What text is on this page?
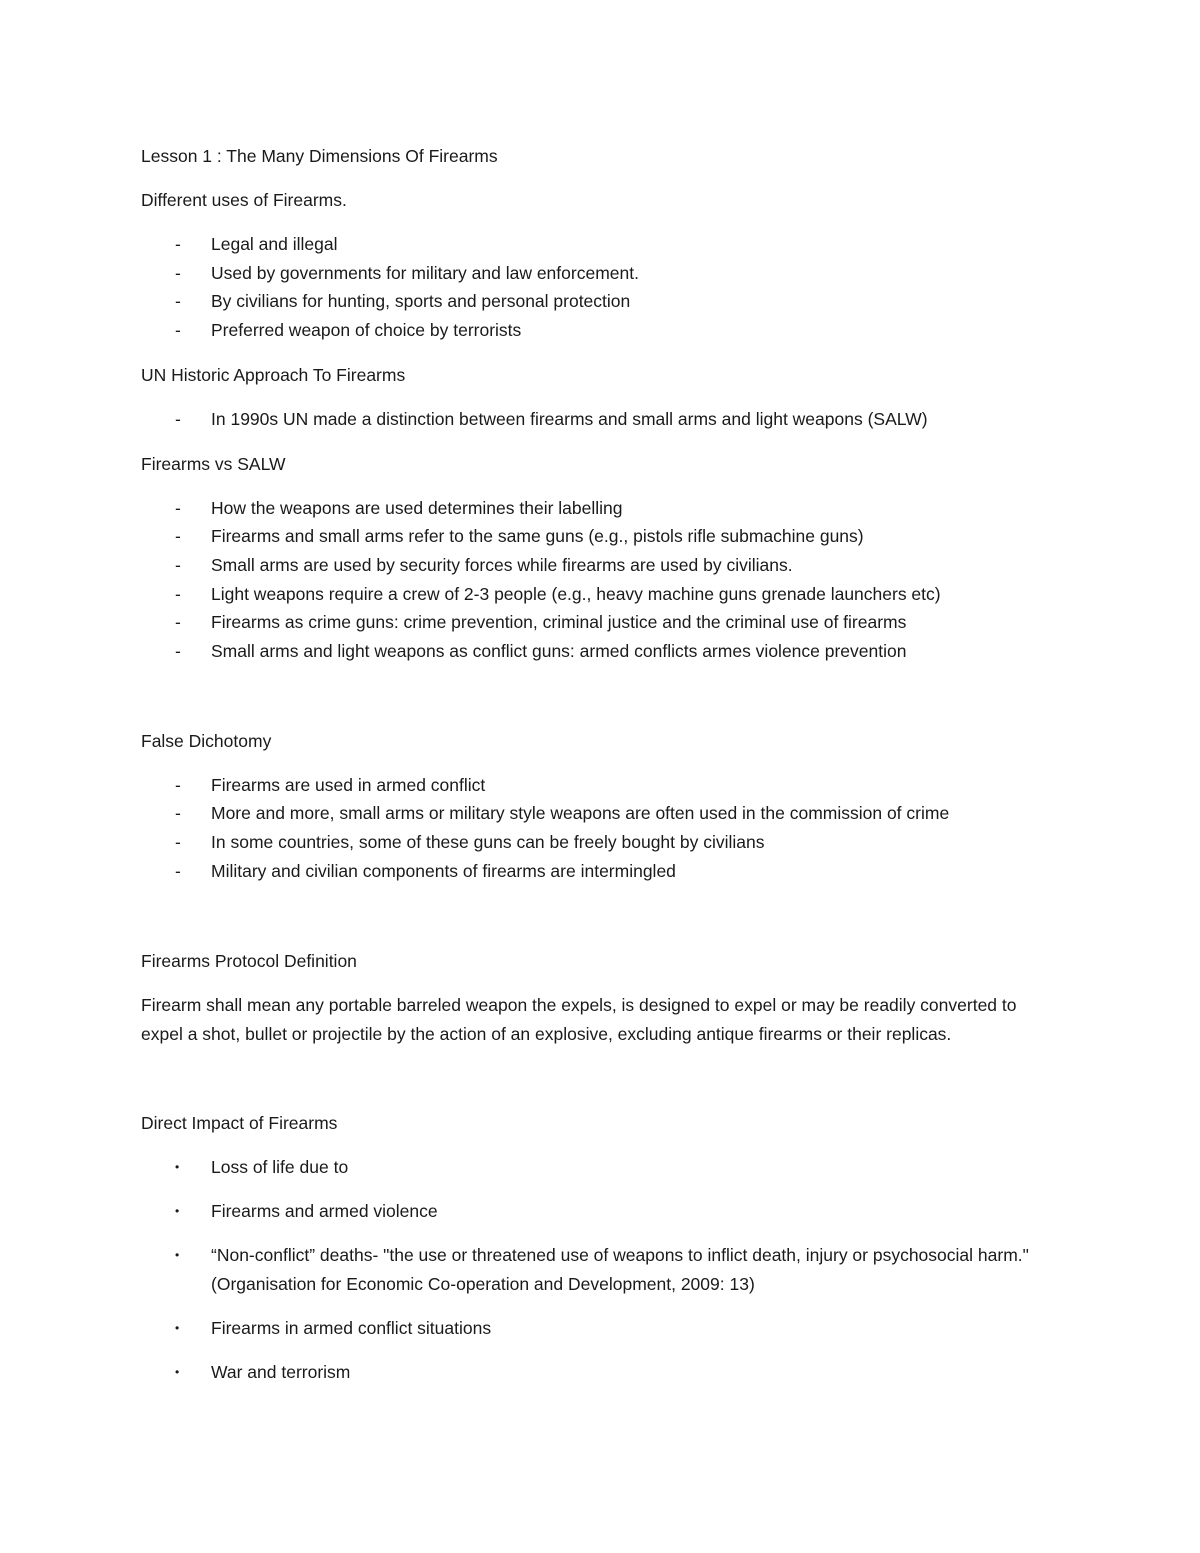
Lesson 1 : The Many Dimensions Of Firearms

Different uses of Firearms.

- Legal and illegal
- Used by governments for military and law enforcement.
- By civilians for hunting, sports and personal protection
- Preferred weapon of choice by terrorists

UN Historic Approach To Firearms

- In 1990s UN made a distinction between firearms and small arms and light weapons (SALW)

Firearms vs SALW

- How the weapons are used determines their labelling
- Firearms and small arms refer to the same guns (e.g., pistols rifle submachine guns)
- Small arms are used by security forces while firearms are used by civilians.
- Light weapons require a crew of 2-3 people (e.g., heavy machine guns grenade launchers etc)
- Firearms as crime guns: crime prevention, criminal justice and the criminal use of firearms
- Small arms and light weapons as conflict guns: armed conflicts armes violence prevention

False Dichotomy

- Firearms are used in armed conflict
- More and more, small arms or military style weapons are often used in the commission of crime
- In some countries, some of these guns can be freely bought by civilians
- Military and civilian components of firearms are intermingled

Firearms Protocol Definition

Firearm shall mean any portable barreled weapon the expels, is designed to expel or may be readily converted to expel a shot, bullet or projectile by the action of an explosive, excluding antique firearms or their replicas.

Direct Impact of Firearms

• Loss of life due to
• Firearms and armed violence
• “Non-conflict” deaths- "the use or threatened use of weapons to inflict death, injury or psychosocial harm." (Organisation for Economic Co-operation and Development, 2009: 13)
• Firearms in armed conflict situations
• War and terrorism
